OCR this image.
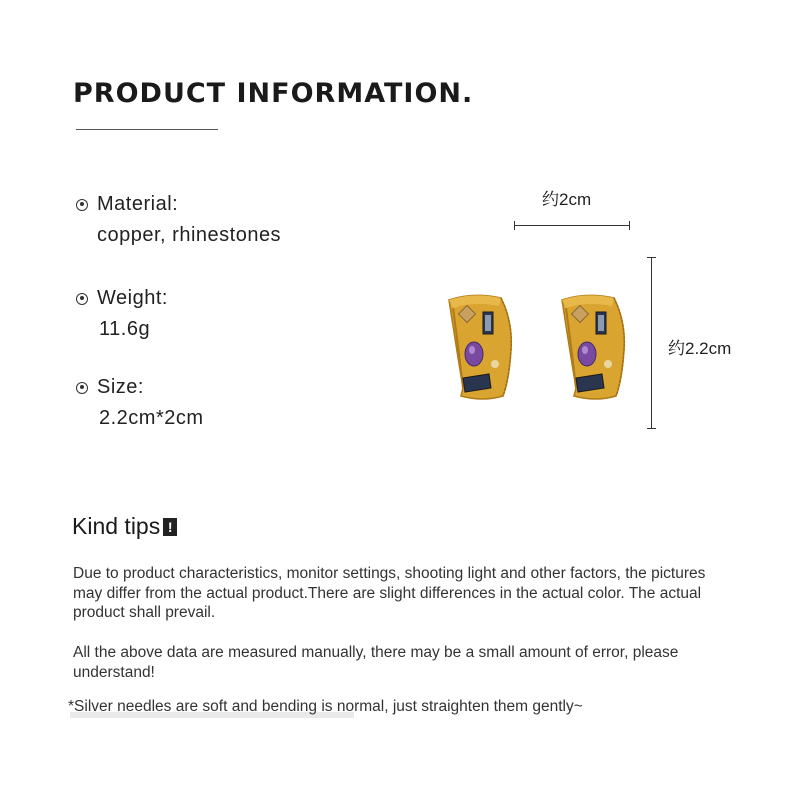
PRODUCT INFORMATION.
Material:
copper, rhinestones
Weight:
11.6g
Size:
2.2cm*2cm
约2cm
约2.2cm
Kind tips !
Due to product characteristics, monitor settings, shooting light and other factors, the pictures may differ from the actual product.There are slight differences in the actual color. The actual product shall prevail.
All the above data are measured manually, there may be a small amount of error, please understand!
*Silver needles are soft and bending is normal, just straighten them gently~
